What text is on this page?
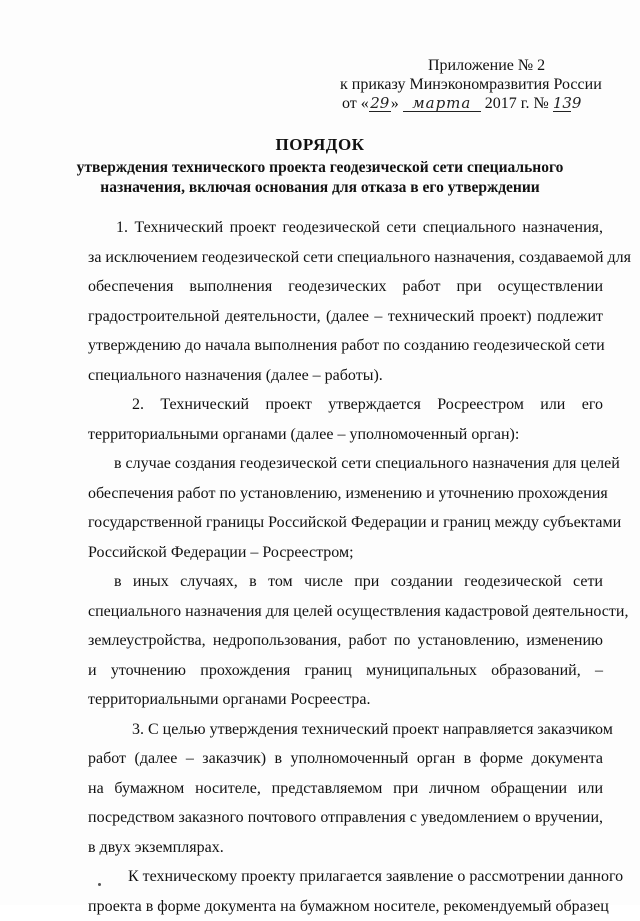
Приложение № 2
к приказу Минэкономразвития России
от «29» марта 2017 г. № 139
ПОРЯДОК
утверждения технического проекта геодезической сети специального
назначения, включая основания для отказа в его утверждении
1. Технический проект геодезической сети специального назначения,
за исключением геодезической сети специального назначения, создаваемой для
обеспечения выполнения геодезических работ при осуществлении
градостроительной деятельности, (далее – технический проект) подлежит
утверждению до начала выполнения работ по созданию геодезической сети
специального назначения (далее – работы).
2. Технический проект утверждается Росреестром или его
территориальными органами (далее – уполномоченный орган):
в случае создания геодезической сети специального назначения для целей
обеспечения работ по установлению, изменению и уточнению прохождения
государственной границы Российской Федерации и границ между субъектами
Российской Федерации – Росреестром;
в иных случаях, в том числе при создании геодезической сети
специального назначения для целей осуществления кадастровой деятельности,
землеустройства, недропользования, работ по установлению, изменению
и уточнению прохождения границ муниципальных образований, –
территориальными органами Росреестра.
3. С целью утверждения технический проект направляется заказчиком
работ (далее – заказчик) в уполномоченный орган в форме документа
на бумажном носителе, представляемом при личном обращении или
посредством заказного почтового отправления с уведомлением о вручении,
в двух экземплярах.
К техническому проекту прилагается заявление о рассмотрении данного
проекта в форме документа на бумажном носителе, рекомендуемый образец
